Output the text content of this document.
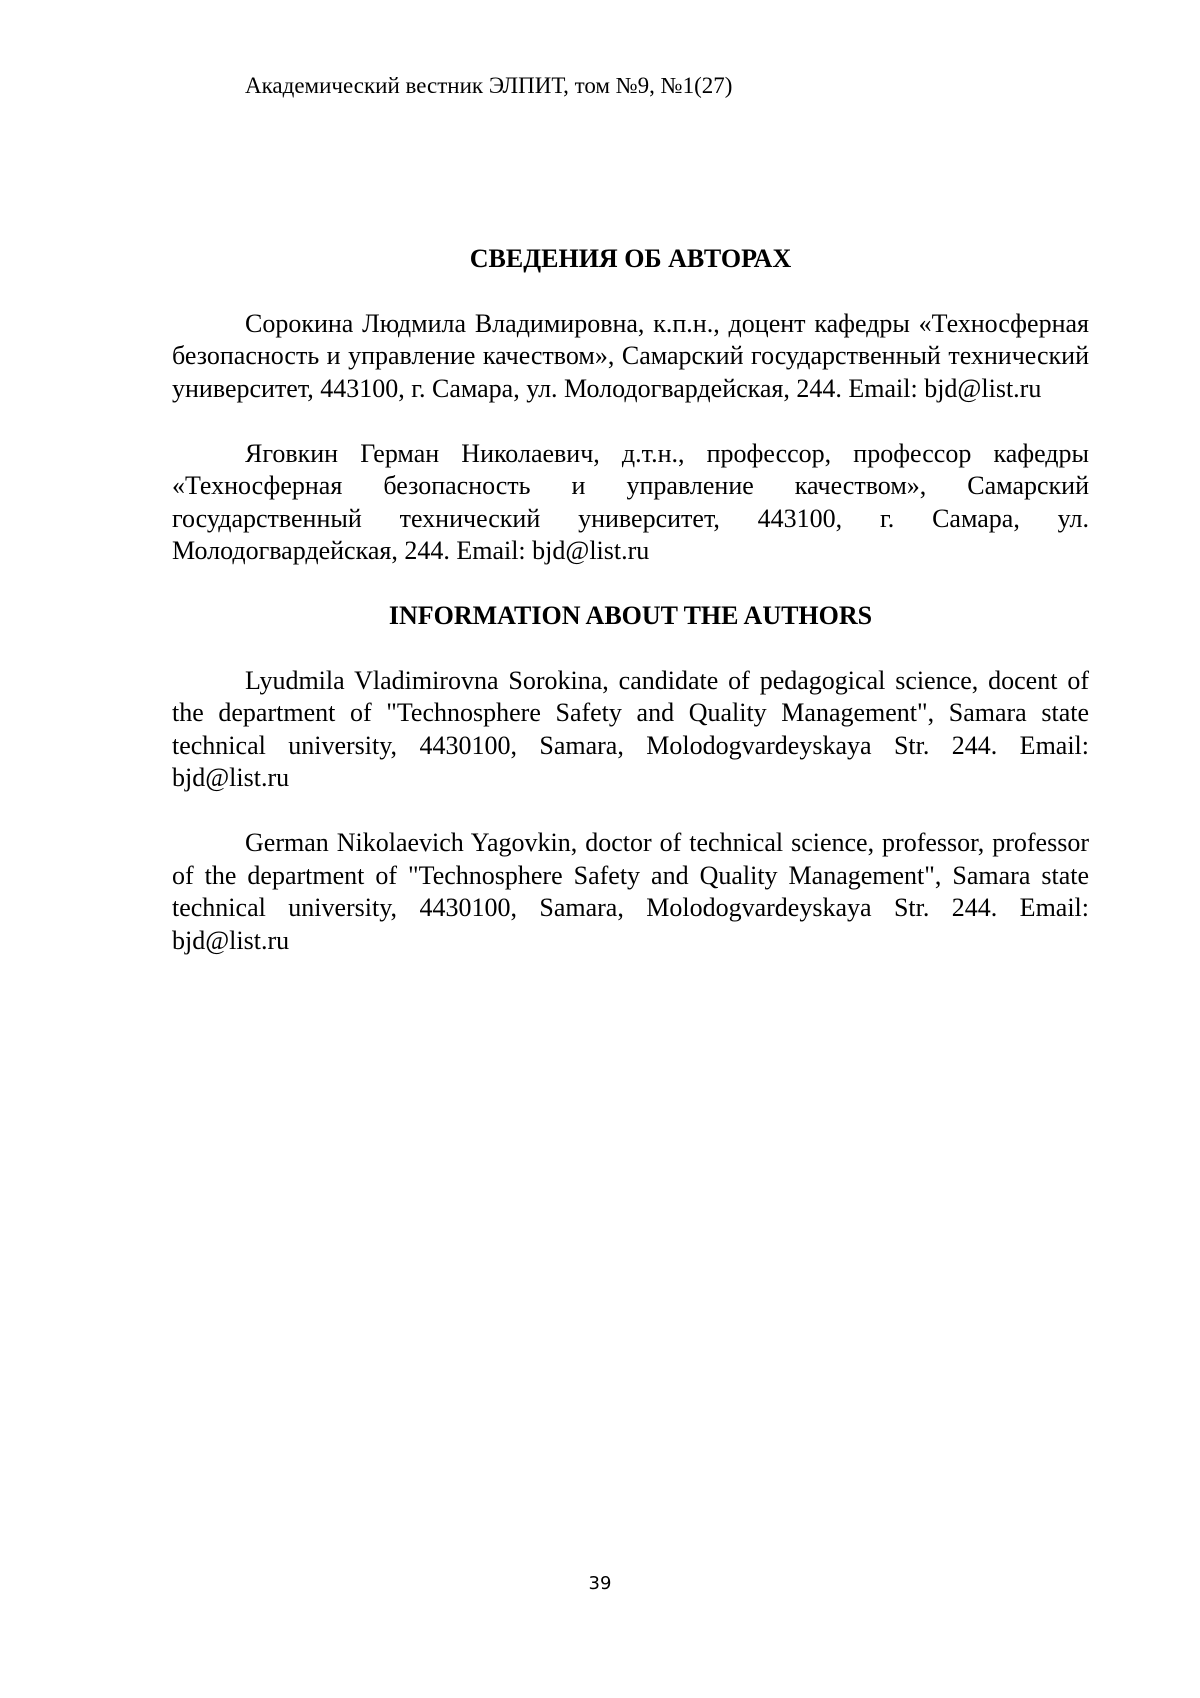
Академический вестник ЭЛПИТ, том №9, №1(27)
СВЕДЕНИЯ ОБ АВТОРАХ

Сорокина Людмила Владимировна, к.п.н., доцент кафедры «Техносферная безопасность и управление качеством», Самарский государственный технический университет, 443100, г. Самара, ул. Молодогвардейская, 244. Email: bjd@list.ru

Яговкин Герман Николаевич, д.т.н., профессор, профессор кафедры «Техносферная безопасность и управление качеством», Самарский государственный технический университет, 443100, г. Самара, ул. Молодогвардейская, 244. Email: bjd@list.ru

INFORMATION ABOUT THE AUTHORS

Lyudmila Vladimirovna Sorokina, candidate of pedagogical science, docent of the department of "Technosphere Safety and Quality Management", Samara state technical university, 4430100, Samara, Molodogvardeyskaya Str. 244. Email: bjd@list.ru

German Nikolaevich Yagovkin, doctor of technical science, professor, professor of the department of "Technosphere Safety and Quality Management", Samara state technical university, 4430100, Samara, Molodogvardeyskaya Str. 244. Email: bjd@list.ru

39
